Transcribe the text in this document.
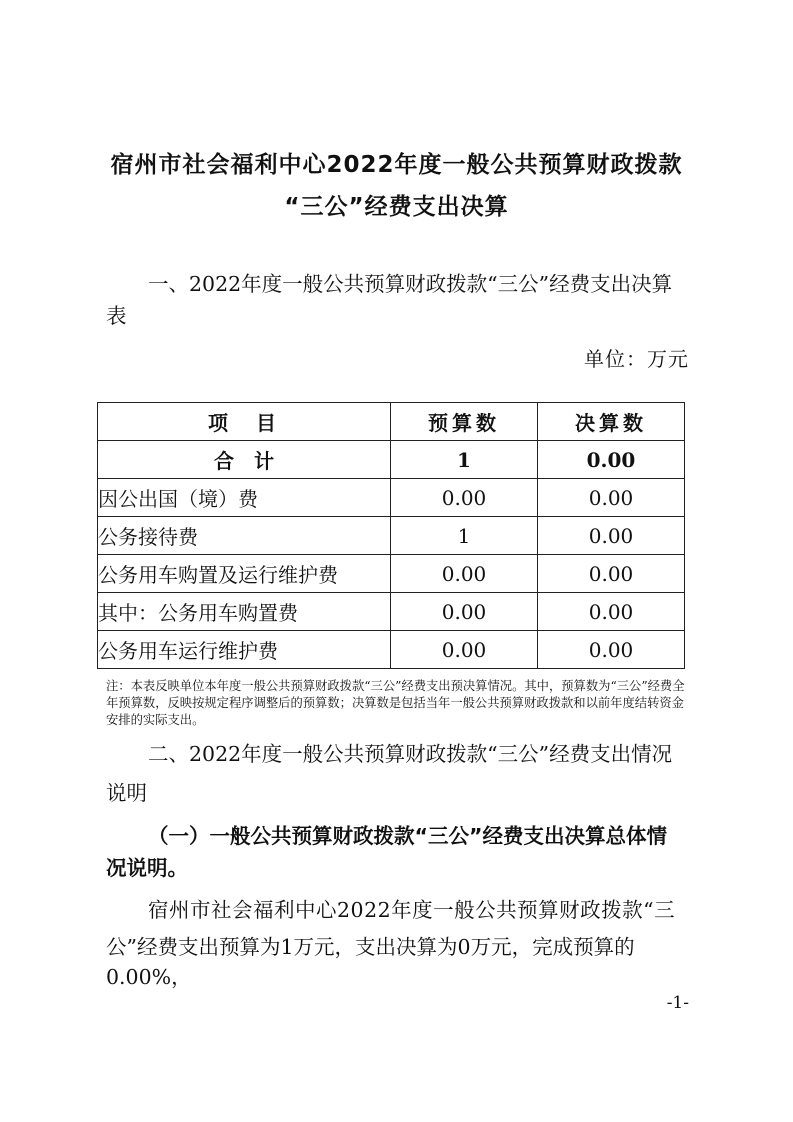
宿州市社会福利中心2022年度一般公共预算财政拨款
“三公”经费支出决算
一、2022年度一般公共预算财政拨款“三公”经费支出决算
表
单位：万元
项　目	预算数	决算数
合　计	1	0.00
因公出国（境）费	0.00	0.00
公务接待费	1	0.00
公务用车购置及运行维护费	0.00	0.00
其中：公务用车购置费	0.00	0.00
公务用车运行维护费	0.00	0.00
注：本表反映单位本年度一般公共预算财政拨款“三公”经费支出预决算情况。其中，预算数为“三公”经费全年预算数，反映按规定程序调整后的预算数；决算数是包括当年一般公共预算财政拨款和以前年度结转资金安排的实际支出。
二、2022年度一般公共预算财政拨款“三公”经费支出情况
说明
（一）一般公共预算财政拨款“三公”经费支出决算总体情
况说明。
宿州市社会福利中心2022年度一般公共预算财政拨款“三
公”经费支出预算为1万元，支出决算为0万元，完成预算的0.00%，
-1-
